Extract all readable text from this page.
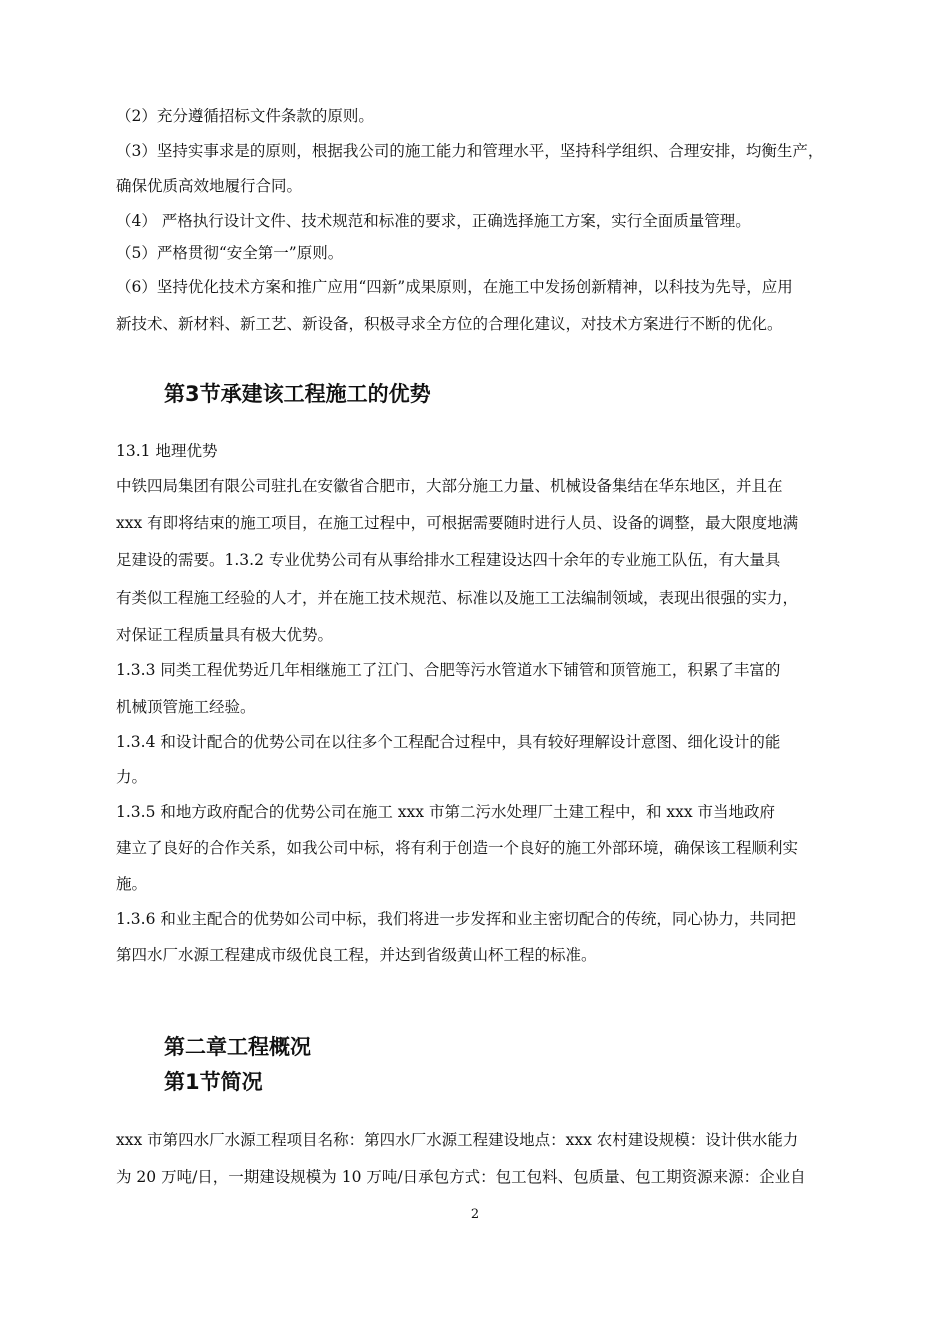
（2）充分遵循招标文件条款的原则。
（3）坚持实事求是的原则，根据我公司的施工能力和管理水平，坚持科学组织、合理安排，均衡生产，
确保优质高效地履行合同。
（4） 严格执行设计文件、技术规范和标准的要求，正确选择施工方案，实行全面质量管理。
（5）严格贯彻“安全第一”原则。
（6）坚持优化技术方案和推广应用“四新”成果原则，在施工中发扬创新精神，以科技为先导，应用
新技术、新材料、新工艺、新设备，积极寻求全方位的合理化建议，对技术方案进行不断的优化。
第3节承建该工程施工的优势
13.1 地理优势
中铁四局集团有限公司驻扎在安徽省合肥市，大部分施工力量、机械设备集结在华东地区，并且在
xxx 有即将结束的施工项目，在施工过程中，可根据需要随时进行人员、设备的调整，最大限度地满
足建设的需要。1.3.2 专业优势公司有从事给排水工程建设达四十余年的专业施工队伍，有大量具
有类似工程施工经验的人才，并在施工技术规范、标准以及施工工法编制领域，表现出很强的实力，
对保证工程质量具有极大优势。
1.3.3 同类工程优势近几年相继施工了江门、合肥等污水管道水下铺管和顶管施工，积累了丰富的
机械顶管施工经验。
1.3.4 和设计配合的优势公司在以往多个工程配合过程中，具有较好理解设计意图、细化设计的能
力。
1.3.5 和地方政府配合的优势公司在施工 xxx 市第二污水处理厂土建工程中，和 xxx 市当地政府
建立了良好的合作关系，如我公司中标，将有利于创造一个良好的施工外部环境，确保该工程顺利实
施。
1.3.6 和业主配合的优势如公司中标，我们将进一步发挥和业主密切配合的传统，同心协力，共同把
第四水厂水源工程建成市级优良工程，并达到省级黄山杯工程的标准。
第二章工程概况
第1节简况
xxx 市第四水厂水源工程项目名称：第四水厂水源工程建设地点：xxx 农村建设规模：设计供水能力
为 20 万吨/日，一期建设规模为 10 万吨/日承包方式：包工包料、包质量、包工期资源来源：企业自
2
